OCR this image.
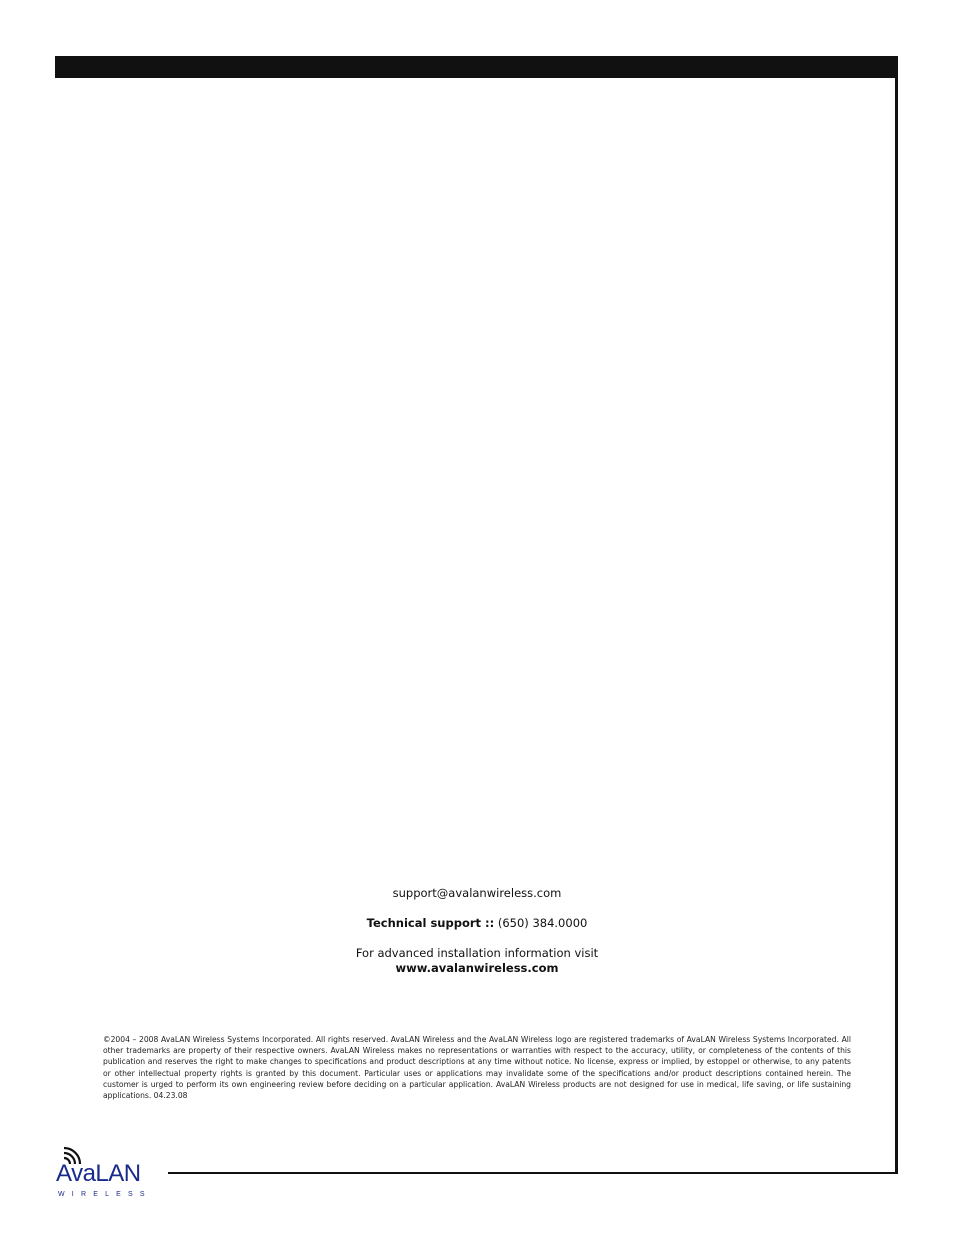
support@avalanwireless.com
Technical support :: (650) 384.0000
For advanced installation information visit
www.avalanwireless.com
©2004 – 2008 AvaLAN Wireless Systems Incorporated. All rights reserved. AvaLAN Wireless and the AvaLAN Wireless logo are registered trademarks of AvaLAN Wireless Systems Incorporated. All other trademarks are property of their respective owners. AvaLAN Wireless makes no representations or warranties with respect to the accuracy, utility, or completeness of the contents of this publication and reserves the right to make changes to specifications and product descriptions at any time without notice. No license, express or implied, by estoppel or otherwise, to any patents or other intellectual property rights is granted by this document. Particular uses or applications may invalidate some of the specifications and/or product descriptions contained herein. The customer is urged to perform its own engineering review before deciding on a particular application. AvaLAN Wireless products are not designed for use in medical, life saving, or life sustaining applications. 04.23.08
AvaLAN
WIRELESS
